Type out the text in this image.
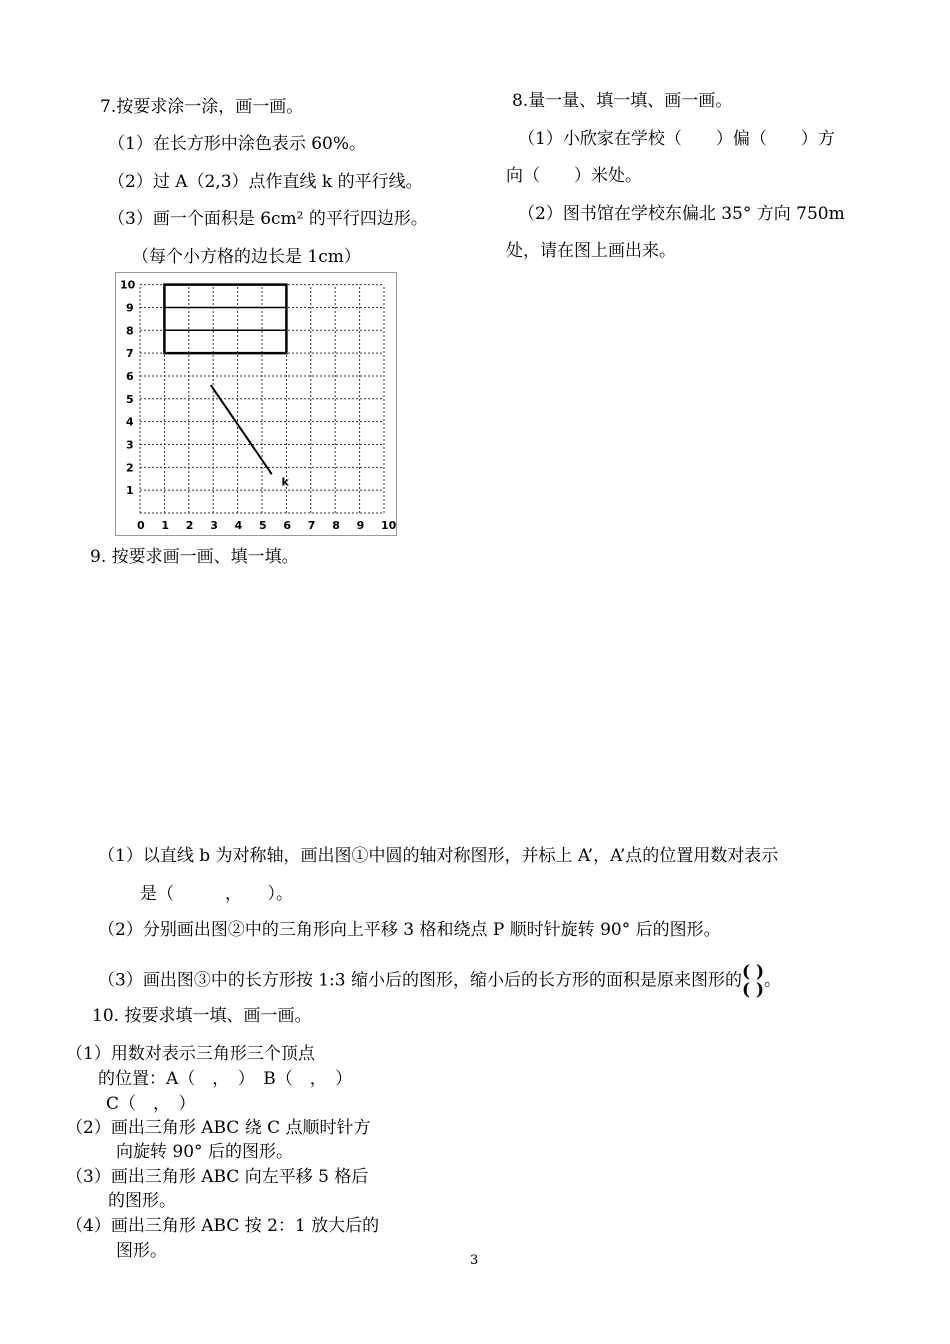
7.按要求涂一涂，画一画。
（1）在长方形中涂色表示 60%。
（2）过 A（2,3）点作直线 k 的平行线。
（3）画一个面积是 6cm² 的平行四边形。
（每个小方格的边长是 1cm）
k
0 1 2 3 4 5 6 7 8 9 10
1
2
3
4
5
6
7
8
9
10
8.量一量、填一填、画一画。
（1）小欣家在学校（　　）偏（　　）方
向（　　）米处。
（2）图书馆在学校东偏北 35° 方向 750m
处，请在图上画出来。
9. 按要求画一画、填一填。
（1）以直线 b 为对称轴，画出图①中圆的轴对称图形，并标上 A’，A’点的位置用数对表示
是（　　　，　　）。
（2）分别画出图②中的三角形向上平移 3 格和绕点 P 顺时针旋转 90° 后的图形。
（3）画出图③中的长方形按 1:3 缩小后的图形，缩小后的长方形的面积是原来图形的 ( )
( ) 。
10. 按要求填一填、画一画。
（1）用数对表示三角形三个顶点
的位置：A（　，　）　B（　，　）
C（　，　）
（2）画出三角形 ABC 绕 C 点顺时针方
向旋转 90° 后的图形。
（3）画出三角形 ABC 向左平移 5 格后
的图形。
（4）画出三角形 ABC 按 2：1 放大后的
图形。	3
